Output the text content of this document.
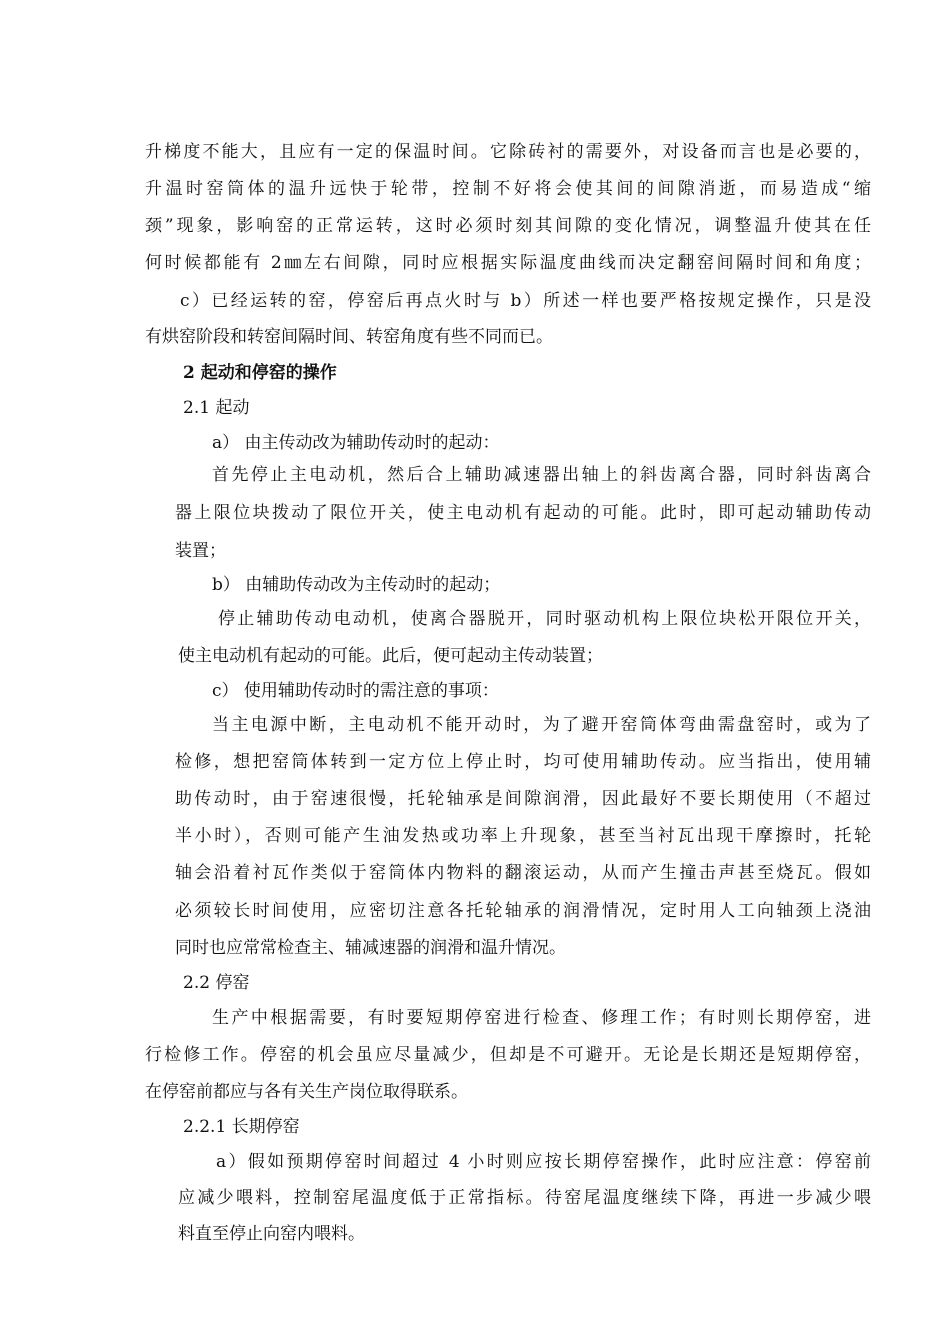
升梯度不能大，且应有一定的保温时间。它除砖衬的需要外，对设备而言也是必要的，

升温时窑筒体的温升远快于轮带，控制不好将会使其间的间隙消逝，而易造成“缩

颈”现象，影响窑的正常运转，这时必须时刻其间隙的变化情况，调整温升使其在任

何时候都能有 2㎜左右间隙，同时应根据实际温度曲线而决定翻窑间隔时间和角度；

c）已经运转的窑，停窑后再点火时与 b）所述一样也要严格按规定操作，只是没

有烘窑阶段和转窑间隔时间、转窑角度有些不同而已。

2 起动和停窑的操作

2.1 起动

a） 由主传动改为辅助传动时的起动：

首先停止主电动机，然后合上辅助减速器出轴上的斜齿离合器，同时斜齿离合

器上限位块拨动了限位开关，使主电动机有起动的可能。此时，即可起动辅助传动

装置；

b） 由辅助传动改为主传动时的起动；

停止辅助传动电动机，使离合器脱开，同时驱动机构上限位块松开限位开关，

使主电动机有起动的可能。此后，便可起动主传动装置；

c） 使用辅助传动时的需注意的事项：

当主电源中断，主电动机不能开动时，为了避开窑筒体弯曲需盘窑时，或为了

检修，想把窑筒体转到一定方位上停止时，均可使用辅助传动。应当指出，使用辅

助传动时，由于窑速很慢，托轮轴承是间隙润滑，因此最好不要长期使用（不超过

半小时），否则可能产生油发热或功率上升现象，甚至当衬瓦出现干摩擦时，托轮

轴会沿着衬瓦作类似于窑筒体内物料的翻滚运动，从而产生撞击声甚至烧瓦。假如

必须较长时间使用，应密切注意各托轮轴承的润滑情况，定时用人工向轴颈上浇油

同时也应常常检查主、辅减速器的润滑和温升情况。

2.2 停窑

生产中根据需要，有时要短期停窑进行检查、修理工作；有时则长期停窑，进

行检修工作。停窑的机会虽应尽量减少，但却是不可避开。无论是长期还是短期停窑，

在停窑前都应与各有关生产岗位取得联系。

2.2.1 长期停窑

a）假如预期停窑时间超过 4 小时则应按长期停窑操作，此时应注意：停窑前

应减少喂料，控制窑尾温度低于正常指标。待窑尾温度继续下降，再进一步减少喂

料直至停止向窑内喂料。
